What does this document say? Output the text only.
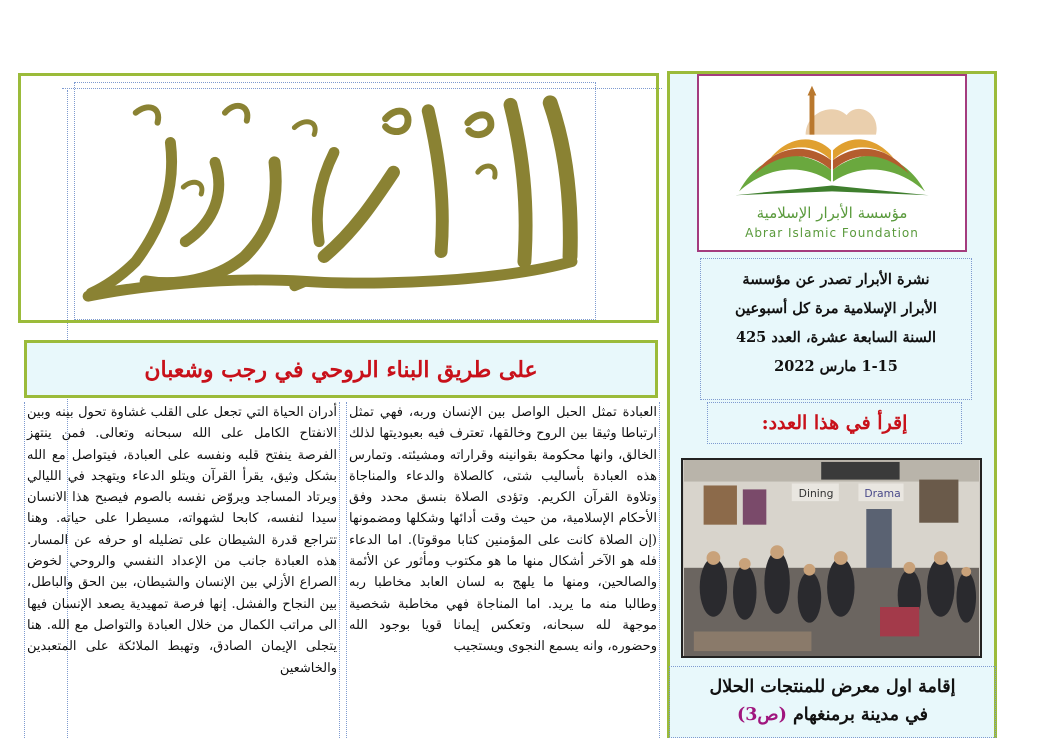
على طريق البناء الروحي في رجب وشعبان
العبادة تمثل الحبل الواصل بين الإنسان وربه، فهي تمثل ارتباطا وثيقا بين الروح وخالقها، تعترف فيه بعبوديتها لذلك الخالق، وانها محكومة بقوانينه وقراراته ومشيئته. وتمارس هذه العبادة بأساليب شتى، كالصلاة والدعاء والمناجاة وتلاوة القرآن الكريم. وتؤدى الصلاة بنسق محدد وفق الأحكام الإسلامية، من حيث وقت أدائها وشكلها ومضمونها (إن الصلاة كانت على المؤمنين كتابا موقوتا). اما الدعاء فله هو الآخر أشكال منها ما هو مكتوب ومأثور عن الأئمة والصالحين، ومنها ما يلهج به لسان العابد مخاطبا ربه وطالبا منه ما يريد. اما المناجاة فهي مخاطبة شخصية موجهة لله سبحانه، وتعكس إيمانا قويا بوجود الله وحضوره، وانه يسمع النجوى ويستجيب
أدران الحياة التي تجعل على القلب غشاوة تحول بينه وبين الانفتاح الكامل على الله سبحانه وتعالى. فمن ينتهز الفرصة ينفتح قلبه ونفسه على العبادة، فيتواصل مع الله بشكل وثيق، يقرأ القرآن ويتلو الدعاء ويتهجد في الليالي ويرتاد المساجد ويروّض نفسه بالصوم فيصبح هذا الانسان سيدا لنفسه، كابحا لشهواته، مسيطرا على حياته. وهنا تتراجع قدرة الشيطان على تضليله او حرفه عن المسار. هذه العبادة جانب من الإعداد النفسي والروحي لخوض الصراع الأزلي بين الإنسان والشيطان، بين الحق والباطل، بين النجاح والفشل. إنها فرصة تمهيدية يصعد الإنسان فيها الى مراتب الكمال من خلال العبادة والتواصل مع الله. هنا يتجلى الإيمان الصادق، وتهبط الملائكة على المتعبدين والخاشعين
مؤسسة الأبرار الإسلامية
Abrar Islamic Foundation
نشرة الأبرار تصدر عن مؤسسة
الأبرار الإسلامية مرة كل أسبوعين
السنة السابعة عشرة، العدد 425
1-15 مارس 2022
إقرأ في هذا العدد:
Dining	Drama
إقامة اول معرض للمنتجات الحلال
في مدينة برمنغهام (ص3)
